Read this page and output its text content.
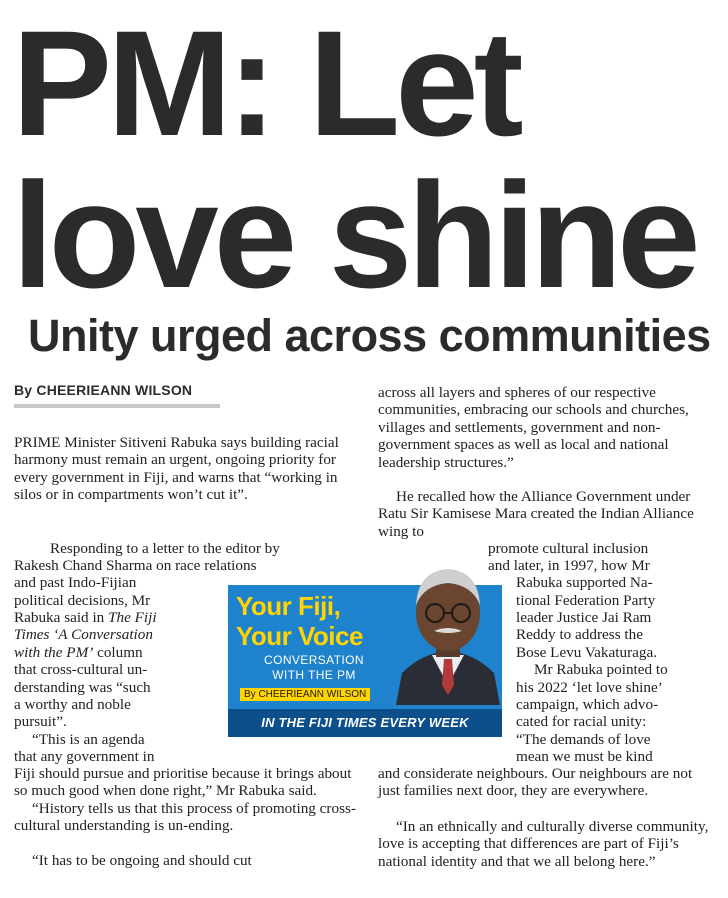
PM: Let
love shine
Unity urged across communities
By CHEERIEANN WILSON

PRIME Minister Sitiveni Rabuka says building racial harmony must remain an urgent, ongoing priority for every government in Fiji, and warns that “working in silos or in compartments won’t cut it”.

Responding to a letter to the editor by
Rakesh Chand Sharma on race relations
and past Indo-Fijian
political decisions, Mr
Rabuka said in The Fiji
Times ‘A Conversation
with the PM’ column
that cross-cultural un-
derstanding was “such
a worthy and noble
pursuit”.
“This is an agenda
that any government in

Fiji should pursue and prioritise because it brings about so much good when done right,” Mr Rabuka said.

“History tells us that this process of promoting cross-cultural understanding is un-ending.

“It has to be ongoing and should cut

across all layers and spheres of our respective communities, embracing our schools and churches, villages and settlements, government and non-government spaces as well as local and national leadership structures.”

He recalled how the Alliance Government under Ratu Sir Kamisese Mara created the Indian Alliance wing to

promote cultural inclusion
and later, in 1997, how Mr
Rabuka supported Na-
tional Federation Party
leader Justice Jai Ram
Reddy to address the
Bose Levu Vakaturaga.
Mr Rabuka pointed to
his 2022 ‘let love shine’
campaign, which advo-
cated for racial unity:
“The demands of love
mean we must be kind

and considerate neighbours. Our neighbours are not just families next door, they are everywhere.

“In an ethnically and culturally diverse community, love is accepting that differences are part of Fiji’s national identity and that we all belong here.”

Your Fiji,
Your Voice
CONVERSATION
WITH THE PM
By CHEERIEANN WILSON
IN THE FIJI TIMES EVERY WEEK
